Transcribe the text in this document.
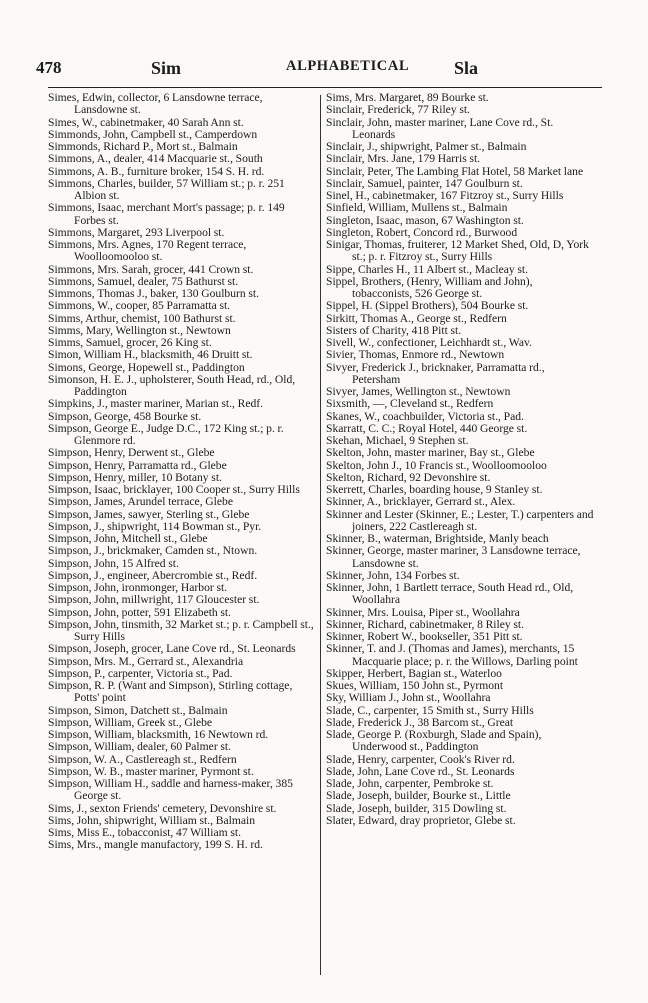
478	Sim	ALPHABETICAL Sla
Simes, Edwin, collector, 6 Lansdowne terrace, Lansdowne st.
Simes, W., cabinetmaker, 40 Sarah Ann st.
Simmonds, John, Campbell st., Camperdown
Simmonds, Richard P., Mort st., Balmain
Simmons, A., dealer, 414 Macquarie st., South
Simmons, A. B., furniture broker, 154 S. H. rd.
Simmons, Charles, builder, 57 William st.; p. r. 251 Albion st.
Simmons, Isaac, merchant Mort's passage; p. r. 149 Forbes st.
Simmons, Margaret, 293 Liverpool st.
Simmons, Mrs. Agnes, 170 Regent terrace, Woolloomooloo st.
Simmons, Mrs. Sarah, grocer, 441 Crown st.
Simmons, Samuel, dealer, 75 Bathurst st.
Simmons, Thomas J., baker, 130 Goulburn st.
Simmons, W., cooper, 85 Parramatta st.
Simms, Arthur, chemist, 100 Bathurst st.
Simms, Mary, Wellington st., Newtown
Simms, Samuel, grocer, 26 King st.
Simon, William H., blacksmith, 46 Druitt st.
Simons, George, Hopewell st., Paddington
Simonson, H. E. J., upholsterer, South Head, rd., Old, Paddington
Simpkins, J., master mariner, Marian st., Redf.
Simpson, George, 458 Bourke st.
Simpson, George E., Judge D.C., 172 King st.; p. r. Glenmore rd.
Simpson, Henry, Derwent st., Glebe
Simpson, Henry, Parramatta rd., Glebe
Simpson, Henry, miller, 10 Botany st.
Simpson, Isaac, bricklayer, 100 Cooper st., Surry Hills
Simpson, James, Arundel terrace, Glebe
Simpson, James, sawyer, Sterling st., Glebe
Simpson, J., shipwright, 114 Bowman st., Pyr.
Simpson, John, Mitchell st., Glebe
Simpson, J., brickmaker, Camden st., Ntown.
Simpson, John, 15 Alfred st.
Simpson, J., engineer, Abercrombie st., Redf.
Simpson, John, ironmonger, Harbor st.
Simpson, John, millwright, 117 Gloucester st.
Simpson, John, potter, 591 Elizabeth st.
Simpson, John, tinsmith, 32 Market st.; p. r. Campbell st., Surry Hills
Simpson, Joseph, grocer, Lane Cove rd., St. Leonards
Simpson, Mrs. M., Gerrard st., Alexandria
Simpson, P., carpenter, Victoria st., Pad.
Simpson, R. P. (Want and Simpson), Stirling cottage, Potts' point
Simpson, Simon, Datchett st., Balmain
Simpson, William, Greek st., Glebe
Simpson, William, blacksmith, 16 Newtown rd.
Simpson, William, dealer, 60 Palmer st.
Simpson, W. A., Castlereagh st., Redfern
Simpson, W. B., master mariner, Pyrmont st.
Simpson, William H., saddle and harness-maker, 385 George st.
Sims, J., sexton Friends' cemetery, Devonshire st.
Sims, John, shipwright, William st., Balmain
Sims, Miss E., tobacconist, 47 William st.
Sims, Mrs., mangle manufactory, 199 S. H. rd.
Sims, Mrs. Margaret, 89 Bourke st.
Sinclair, Frederick, 77 Riley st.
Sinclair, John, master mariner, Lane Cove rd., St. Leonards
Sinclair, J., shipwright, Palmer st., Balmain
Sinclair, Mrs. Jane, 179 Harris st.
Sinclair, Peter, The Lambing Flat Hotel, 58 Market lane
Sinclair, Samuel, painter, 147 Goulburn st.
Sinel, H., cabinetmaker, 167 Fitzroy st., Surry Hills
Sinfield, William, Mullens st., Balmain
Singleton, Isaac, mason, 67 Washington st.
Singleton, Robert, Concord rd., Burwood
Sinigar, Thomas, fruiterer, 12 Market Shed, Old, D, York st.; p. r. Fitzroy st., Surry Hills
Sippe, Charles H., 11 Albert st., Macleay st.
Sippel, Brothers, (Henry, William and John), tobacconists, 526 George st.
Sippel, H. (Sippel Brothers), 504 Bourke st.
Sirkitt, Thomas A., George st., Redfern
Sisters of Charity, 418 Pitt st.
Sivell, W., confectioner, Leichhardt st., Wav.
Sivier, Thomas, Enmore rd., Newtown
Sivyer, Frederick J., bricknaker, Parramatta rd., Petersham
Sivyer, James, Wellington st., Newtown
Sixsmith, —, Cleveland st., Redfern
Skanes, W., coachbuilder, Victoria st., Pad.
Skarratt, C. C.; Royal Hotel, 440 George st.
Skehan, Michael, 9 Stephen st.
Skelton, John, master mariner, Bay st., Glebe
Skelton, John J., 10 Francis st., Woolloomooloo
Skelton, Richard, 92 Devonshire st.
Skerrett, Charles, boarding house, 9 Stanley st.
Skinner, A., bricklayer, Gerrard st., Alex.
Skinner and Lester (Skinner, E.; Lester, T.) carpenters and joiners, 222 Castlereagh st.
Skinner, B., waterman, Brightside, Manly beach
Skinner, George, master mariner, 3 Lansdowne terrace, Lansdowne st.
Skinner, John, 134 Forbes st.
Skinner, John, 1 Bartlett terrace, South Head rd., Old, Woollahra
Skinner, Mrs. Louisa, Piper st., Woollahra
Skinner, Richard, cabinetmaker, 8 Riley st.
Skinner, Robert W., bookseller, 351 Pitt st.
Skinner, T. and J. (Thomas and James), merchants, 15 Macquarie place; p. r. the Willows, Darling point
Skipper, Herbert, Bagian st., Waterloo
Skues, William, 150 John st., Pyrmont
Sky, William J., John st., Woollahra
Slade, C., carpenter, 15 Smith st., Surry Hills
Slade, Frederick J., 38 Barcom st., Great
Slade, George P. (Roxburgh, Slade and Spain), Underwood st., Paddington
Slade, Henry, carpenter, Cook's River rd.
Slade, John, Lane Cove rd., St. Leonards
Slade, John, carpenter, Pembroke st.
Slade, Joseph, builder, Bourke st., Little
Slade, Joseph, builder, 315 Dowling st.
Slater, Edward, dray proprietor, Glebe st.
